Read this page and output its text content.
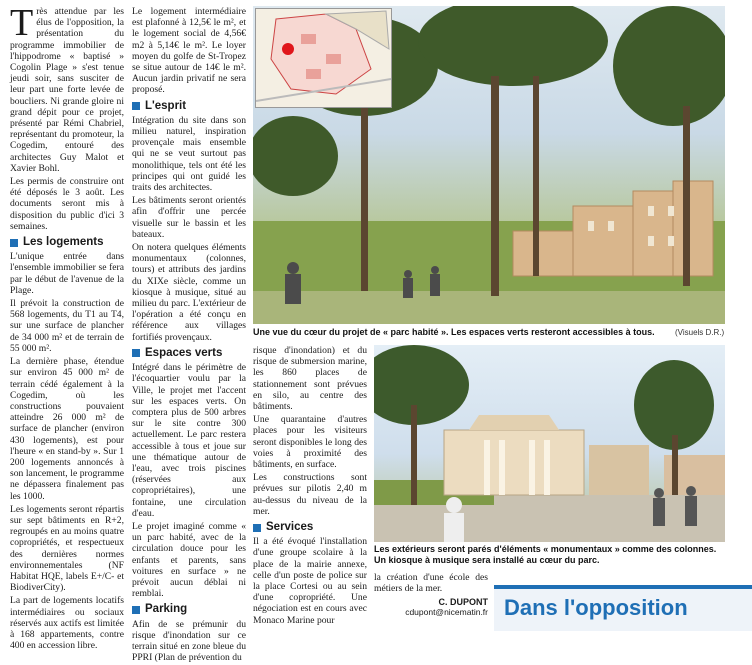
Très attendue par les élus de l'opposition, la présentation du programme immobilier de l'hippodrome « baptisé » Cogolin Plage » s'est tenue jeudi soir, sans susciter de leur part une forte levée de boucliers. Ni grande gloire ni grand dépit pour ce projet, présenté par Rémi Chabriel, représentant du promoteur, la Cogedim, entouré des architectes Guy Malot et Xavier Bohl.

Les permis de construire ont été déposés le 3 août. Les documents seront mis à disposition du public d'ici 3 semaines.

Les logements

L'unique entrée dans l'ensemble immobilier se fera par le début de l'avenue de la Plage.

Il prévoit la construction de 568 logements, du T1 au T4, sur une surface de plancher de 34 000 m² et de terrain de 55 000 m².

La dernière phase, étendue sur environ 45 000 m² de terrain cédé également à la Cogedim, où les constructions pouvaient atteindre 26 000 m² de surface de plancher (environ 430 logements), est pour l'heure « en stand-by ». Sur 1 200 logements annoncés à son lancement, le programme ne dépassera finalement pas les 1000.

Les logements seront répartis sur sept bâtiments en R+2, regroupés en au moins quatre copropriétés, et respectueux des dernières normes environnementales (NF Habitat HQE, labels E+/C- et BiodiverCity).

La part de logements locatifs intermédiaires ou sociaux réservés aux actifs est limitée à 168 appartements, contre 400 en accession libre.

Le logement intermédiaire est plafonné à 12,5€ le m², et le logement social de 4,56€ m2 à 5,14€ le m². Le loyer moyen du golfe de St-Tropez se situe autour de 14€ le m². Aucun jardin privatif ne sera proposé.

L'esprit

Intégration du site dans son milieu naturel, inspiration provençale mais ensemble qui ne se veut surtout pas monolithique, tels ont été les principes qui ont guidé les traits des architectes.

Les bâtiments seront orientés afin d'offrir une percée visuelle sur le bassin et les bateaux.

On notera quelques éléments monumentaux (colonnes, tours) et attributs des jardins du XIXe siècle, comme un kiosque à musique, situé au milieu du parc. L'extérieur de l'opération a été conçu en référence aux villages fortifiés provençaux.

Espaces verts

Intégré dans le périmètre de l'écoquartier voulu par la Ville, le projet met l'accent sur les espaces verts. On comptera plus de 500 arbres sur le site contre 300 actuellement. Le parc restera accessible à tous et joue sur une thématique autour de l'eau, avec trois piscines (réservées aux copropriétaires), une fontaine, une circulation d'eau.

Le projet imaginé comme « un parc habité, avec de la circulation douce pour les enfants et parents, sans voitures en surface » ne prévoit aucun déblai ni remblai.

Parking

Afin de se prémunir du risque d'inondation sur ce terrain situé en zone bleue du PPRI (Plan de prévention du

Une vue du cœur du projet de « parc habité ». Les espaces verts resteront accessibles à tous.	(Visuels D.R.)

risque d'inondation) et du risque de submersion marine, les 860 places de stationnement sont prévues en silo, au centre des bâtiments.

Une quarantaine d'autres places pour les visiteurs seront disponibles le long des voies à proximité des bâtiments, en surface.

Les constructions sont prévues sur pilotis 2,40 m au-dessus du niveau de la mer.

Services

Il a été évoqué l'installation d'une groupe scolaire à la place de la mairie annexe, celle d'un poste de police sur la place Cortesi ou au sein d'une copropriété. Une négociation est en cours avec Monaco Marine pour

Les extérieurs seront parés d'éléments « monumentaux » comme des colonnes. Un kiosque à musique sera installé au cœur du parc.

la création d'une école des métiers de la mer.

C. DUPONT
cdupont@nicematin.fr Dans l'opposition
